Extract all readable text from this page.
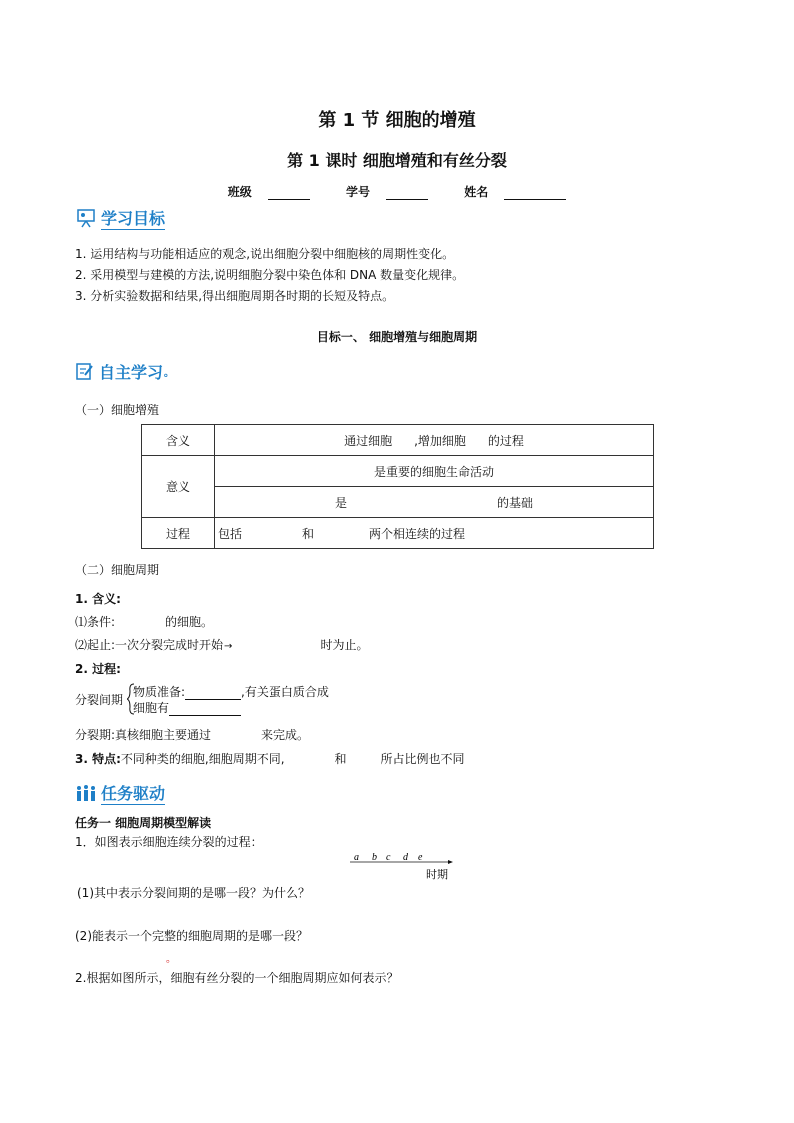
第 1 节 细胞的增殖
第 1 课时 细胞增殖和有丝分裂
班级	学号	姓名
学习目标
1. 运用结构与功能相适应的观念,说出细胞分裂中细胞核的周期性变化。
2. 采用模型与建模的方法,说明细胞分裂中染色体和 DNA 数量变化规律。
3. 分析实验数据和结果,得出细胞周期各时期的长短及特点。
目标一、 细胞增殖与细胞周期
自主学习 。
（一）细胞增殖
含义	通过细胞 ,增加细胞 的过程
意义	是重要的细胞生命活动
	是 的基础
过程	包括 和 两个相连续的过程
（二）细胞周期
1. 含义:
⑴条件:	的细胞。
⑵起止:一次分裂完成时开始→	时为止。
2. 过程:
分裂间期
物质准备:	,有关蛋白质合成
细胞有
分裂期:真核细胞主要通过	来完成。
3. 特点:不同种类的细胞,细胞周期不同,	和	所占比例也不同
任务驱动
任务一 细胞周期模型解读
1．如图表示细胞连续分裂的过程：
a b c d e
时期
(1)其中表示分裂间期的是哪一段？为什么？
(2)能表示一个完整的细胞周期的是哪一段？
。
2.根据如图所示，细胞有丝分裂的一个细胞周期应如何表示？
